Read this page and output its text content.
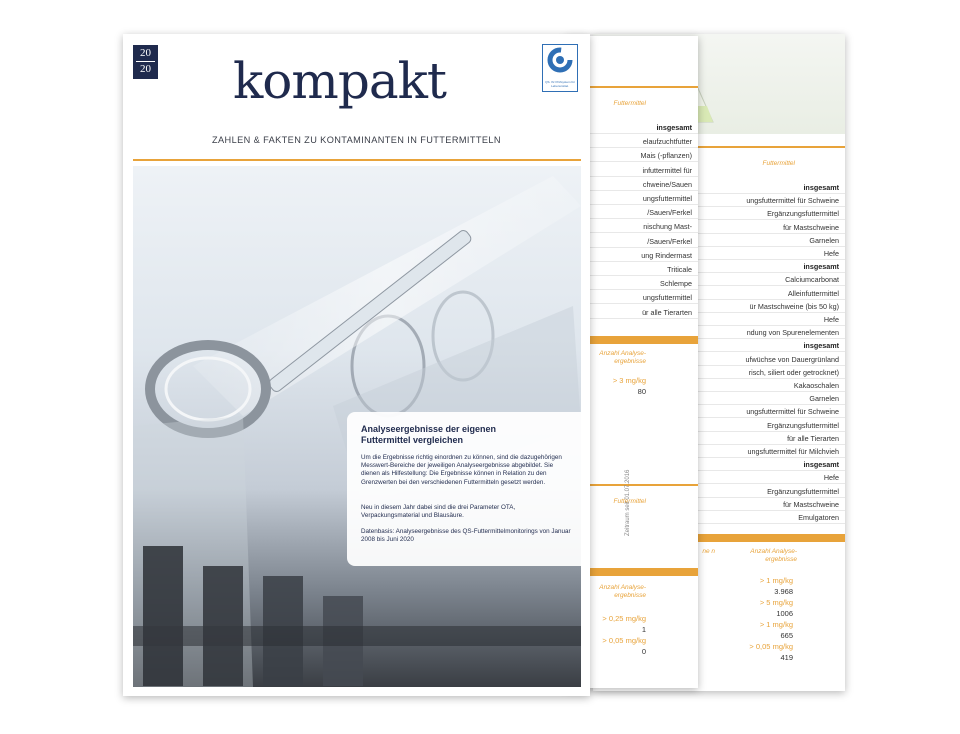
Futtermittel
insgesamt
ungsfuttermittel für Schweine
Ergänzungsfuttermittel
für Mastschweine
Garnelen
Hefe
insgesamt
Calciumcarbonat
Alleinfuttermittel
ür Mastschweine (bis 50 kg)
Hefe
ndung von Spurenelementen
insgesamt
ufwüchse von Dauergrünland
risch, siliert oder getrocknet)
Kakaoschalen
Garnelen
ungsfuttermittel für Schweine
Ergänzungsfuttermittel
für alle Tierarten
ungsfuttermittel für Milchvieh
insgesamt
Hefe
Ergänzungsfuttermittel
für Mastschweine
Emulgatoren
ne n	Anzahl Analyse-
ergebnisse
> 1 mg/kg
3.968
> 5 mg/kg
1006
> 1 mg/kg
665
> 0,05 mg/kg
419
Futtermittel
insgesamt
elaufzuchtfutter
Mais (-pflanzen)
infuttermittel für
chweine/Sauen
ungsfuttermittel
/Sauen/Ferkel
nischung Mast-
/Sauen/Ferkel
ung Rindermast
Triticale
Schlempe
ungsfuttermittel
ür alle Tierarten
Anzahl Analyse-
ergebnisse
> 3 mg/kg
80
Futtermittel
Anzahl Analyse-
ergebnisse
> 0,25 mg/kg
1
> 0,05 mg/kg
0
Zeitraum seit 01.07.2016
20
20 kompakt	QS. Ihr Prüfsystem für Lebensmittel.
ZAHLEN & FAKTEN ZU KONTAMINANTEN IN FUTTERMITTELN
Analyseergebnisse der eigenen Futtermittel vergleichen
Um die Ergebnisse richtig einordnen zu können, sind die dazugehörigen Messwert-Bereiche der jeweiligen Analyseergebnisse abgebildet. Sie dienen als Hilfestellung: Die Ergebnisse können in Relation zu den Grenzwerten bei den verschiedenen Futtermitteln gesetzt werden.
Neu in diesem Jahr dabei sind die drei Parameter OTA, Verpackungsmaterial und Blausäure.
Datenbasis: Analyseergebnisse des QS-Futtermittelmonitorings von Januar 2008 bis Juni 2020
